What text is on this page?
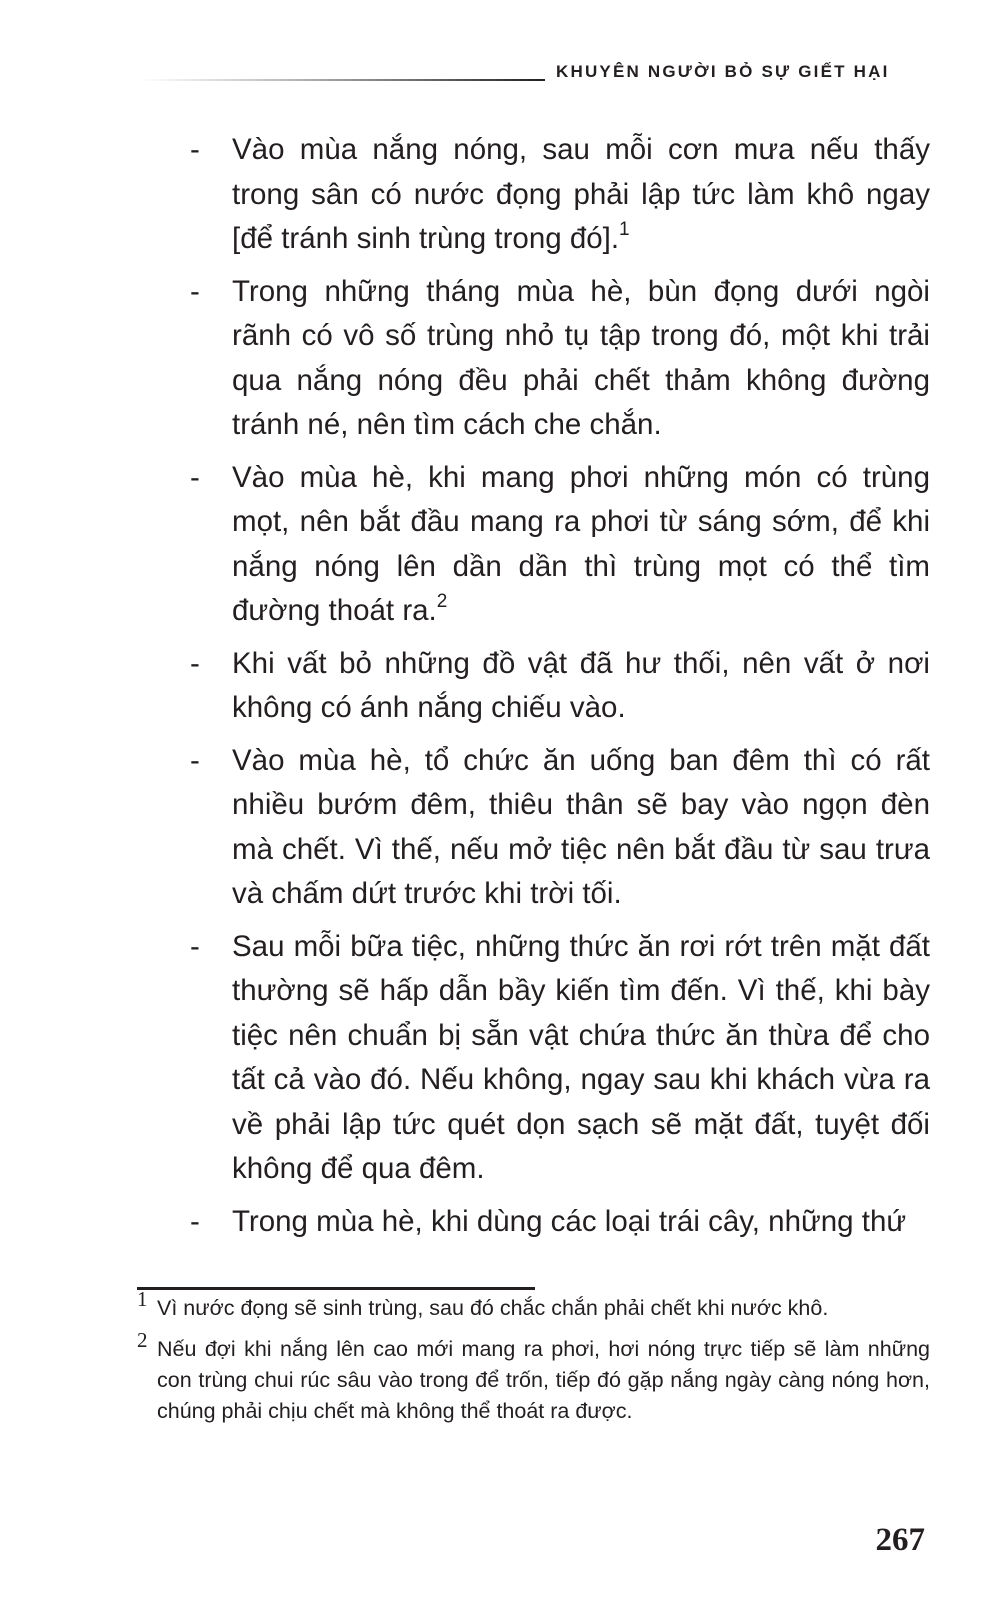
KHUYÊN NGƯỜI BỎ SỰ GIẾT HẠI
- Vào mùa nắng nóng, sau mỗi cơn mưa nếu thấy trong sân có nước đọng phải lập tức làm khô ngay [để tránh sinh trùng trong đó].$^1$
- Trong những tháng mùa hè, bùn đọng dưới ngòi rãnh có vô số trùng nhỏ tụ tập trong đó, một khi trải qua nắng nóng đều phải chết thảm không đường tránh né, nên tìm cách che chắn.
- Vào mùa hè, khi mang phơi những món có trùng mọt, nên bắt đầu mang ra phơi từ sáng sớm, để khi nắng nóng lên dần dần thì trùng mọt có thể tìm đường thoát ra.$^2$
- Khi vất bỏ những đồ vật đã hư thối, nên vất ở nơi không có ánh nắng chiếu vào.
- Vào mùa hè, tổ chức ăn uống ban đêm thì có rất nhiều bướm đêm, thiêu thân sẽ bay vào ngọn đèn mà chết. Vì thế, nếu mở tiệc nên bắt đầu từ sau trưa và chấm dứt trước khi trời tối.
- Sau mỗi bữa tiệc, những thức ăn rơi rớt trên mặt đất thường sẽ hấp dẫn bầy kiến tìm đến. Vì thế, khi bày tiệc nên chuẩn bị sẵn vật chứa thức ăn thừa để cho tất cả vào đó. Nếu không, ngay sau khi khách vừa ra về phải lập tức quét dọn sạch sẽ mặt đất, tuyệt đối không để qua đêm.
- Trong mùa hè, khi dùng các loại trái cây, những thứ
1 Vì nước đọng sẽ sinh trùng, sau đó chắc chắn phải chết khi nước khô.
2 Nếu đợi khi nắng lên cao mới mang ra phơi, hơi nóng trực tiếp sẽ làm những con trùng chui rúc sâu vào trong để trốn, tiếp đó gặp nắng ngày càng nóng hơn, chúng phải chịu chết mà không thể thoát ra được.
267
